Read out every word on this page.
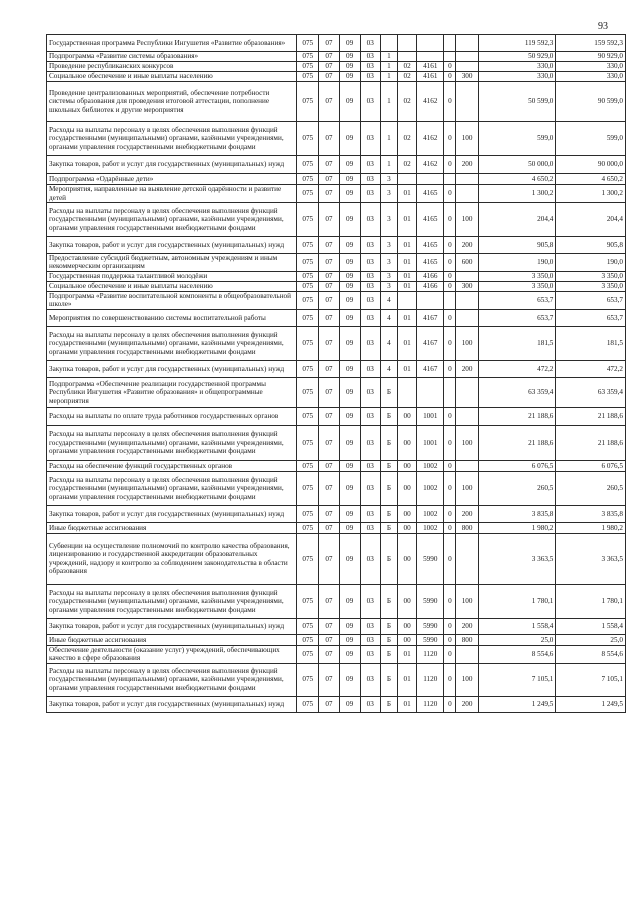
93
Государственная программа Республики Ингушетия «Развитие образования»	075	07	09	03						119 592,3	159 592,3
Подпрограмма «Развитие системы образования»	075	07	09	03	1					50 929,0	90 929,0
Проведение республиканских конкурсов	075	07	09	03	1	02	4161	0		330,0	330,0
Социальное обеспечение и иные выплаты населению	075	07	09	03	1	02	4161	0	300	330,0	330,0
Проведение централизованных мероприятий, обеспечение потребности системы образования для проведения итоговой аттестации, пополнение школьных библиотек и другие мероприятия	075	07	09	03	1	02	4162	0		50 599,0	90 599,0
Расходы на выплаты персоналу в целях обеспечения выполнения функций государственными (муниципальными) органами, казёнными учреждениями, органами управления государственными внебюджетными фондами	075	07	09	03	1	02	4162	0	100	599,0	599,0
Закупка товаров, работ и услуг для государственных (муниципальных) нужд	075	07	09	03	1	02	4162	0	200	50 000,0	90 000,0
Подпрограмма «Одарённые дети»	075	07	09	03	3					4 650,2	4 650,2
Мероприятия, направленные на выявление детской одарённости и развитие детей	075	07	09	03	3	01	4165	0		1 300,2	1 300,2
Расходы на выплаты персоналу в целях обеспечения выполнения функций государственными (муниципальными) органами, казёнными учреждениями, органами управления государственными внебюджетными фондами	075	07	09	03	3	01	4165	0	100	204,4	204,4
Закупка товаров, работ и услуг для государственных (муниципальных) нужд	075	07	09	03	3	01	4165	0	200	905,8	905,8
Предоставление субсидий бюджетным, автономным учреждениям и иным некоммерческим организациям	075	07	09	03	3	01	4165	0	600	190,0	190,0
Государственная поддержка талантливой молодёжи	075	07	09	03	3	01	4166	0		3 350,0	3 350,0
Социальное обеспечение и иные выплаты населению	075	07	09	03	3	01	4166	0	300	3 350,0	3 350,0
Подпрограмма «Развитие воспитательной компоненты в общеобразовательной школе»	075	07	09	03	4					653,7	653,7
Мероприятия по совершенствованию системы воспитательной работы	075	07	09	03	4	01	4167	0		653,7	653,7
Расходы на выплаты персоналу в целях обеспечения выполнения функций государственными (муниципальными) органами, казёнными учреждениями, органами управления государственными внебюджетными фондами	075	07	09	03	4	01	4167	0	100	181,5	181,5
Закупка товаров, работ и услуг для государственных (муниципальных) нужд	075	07	09	03	4	01	4167	0	200	472,2	472,2
Подпрограмма «Обеспечение реализации государственной программы Республики Ингушетия «Развитие образования» и общепрограммные мероприятия	075	07	09	03	Б					63 359,4	63 359,4
Расходы на выплаты по оплате труда работников государственных органов	075	07	09	03	Б	00	1001	0		21 188,6	21 188,6
Расходы на выплаты персоналу в целях обеспечения выполнения функций государственными (муниципальными) органами, казёнными учреждениями, органами управления государственными внебюджетными фондами	075	07	09	03	Б	00	1001	0	100	21 188,6	21 188,6
Расходы на обеспечение функций государственных органов	075	07	09	03	Б	00	1002	0		6 076,5	6 076,5
Расходы на выплаты персоналу в целях обеспечения выполнения функций государственными (муниципальными) органами, казёнными учреждениями, органами управления государственными внебюджетными фондами	075	07	09	03	Б	00	1002	0	100	260,5	260,5
Закупка товаров, работ и услуг для государственных (муниципальных) нужд	075	07	09	03	Б	00	1002	0	200	3 835,8	3 835,8
Иные бюджетные ассигнования	075	07	09	03	Б	00	1002	0	800	1 980,2	1 980,2
Субвенции на осуществление полномочий по контролю качества образования, лицензированию и государственной аккредитации образовательных учреждений, надзору и контролю за соблюдением законодательства в области образования	075	07	09	03	Б	00	5990	0		3 363,5	3 363,5
Расходы на выплаты персоналу в целях обеспечения выполнения функций государственными (муниципальными) органами, казёнными учреждениями, органами управления государственными внебюджетными фондами	075	07	09	03	Б	00	5990	0	100	1 780,1	1 780,1
Закупка товаров, работ и услуг для государственных (муниципальных) нужд	075	07	09	03	Б	00	5990	0	200	1 558,4	1 558,4
Иные бюджетные ассигнования	075	07	09	03	Б	00	5990	0	800	25,0	25,0
Обеспечение деятельности (оказание услуг) учреждений, обеспечивающих качество в сфере образования	075	07	09	03	Б	01	1120	0		8 554,6	8 554,6
Расходы на выплаты персоналу в целях обеспечения выполнения функций государственными (муниципальными) органами, казёнными учреждениями, органами управления государственными внебюджетными фондами	075	07	09	03	Б	01	1120	0	100	7 105,1	7 105,1
Закупка товаров, работ и услуг для государственных (муниципальных) нужд	075	07	09	03	Б	01	1120	0	200	1 249,5	1 249,5
